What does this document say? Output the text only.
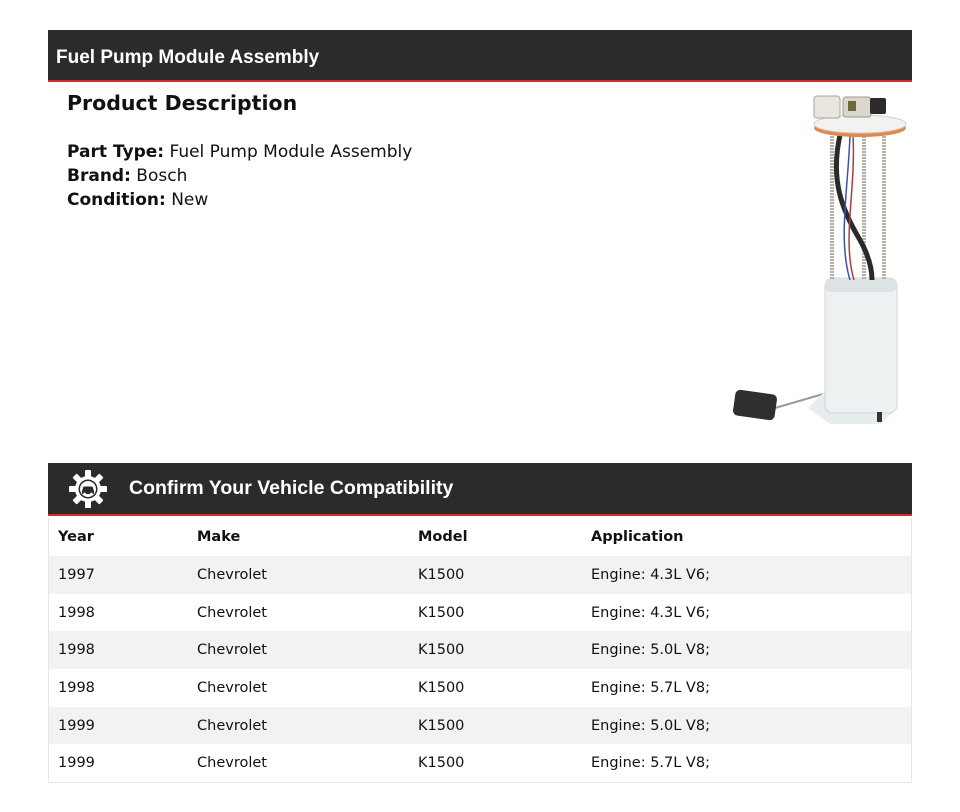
Fuel Pump Module Assembly
Product Description
Part Type: Fuel Pump Module Assembly
Brand: Bosch
Condition: New
Confirm Your Vehicle Compatibility
Year	Make	Model	Application
1997	Chevrolet	K1500	Engine: 4.3L V6;
1998	Chevrolet	K1500	Engine: 4.3L V6;
1998	Chevrolet	K1500	Engine: 5.0L V8;
1998	Chevrolet	K1500	Engine: 5.7L V8;
1999	Chevrolet	K1500	Engine: 5.0L V8;
1999	Chevrolet	K1500	Engine: 5.7L V8;
